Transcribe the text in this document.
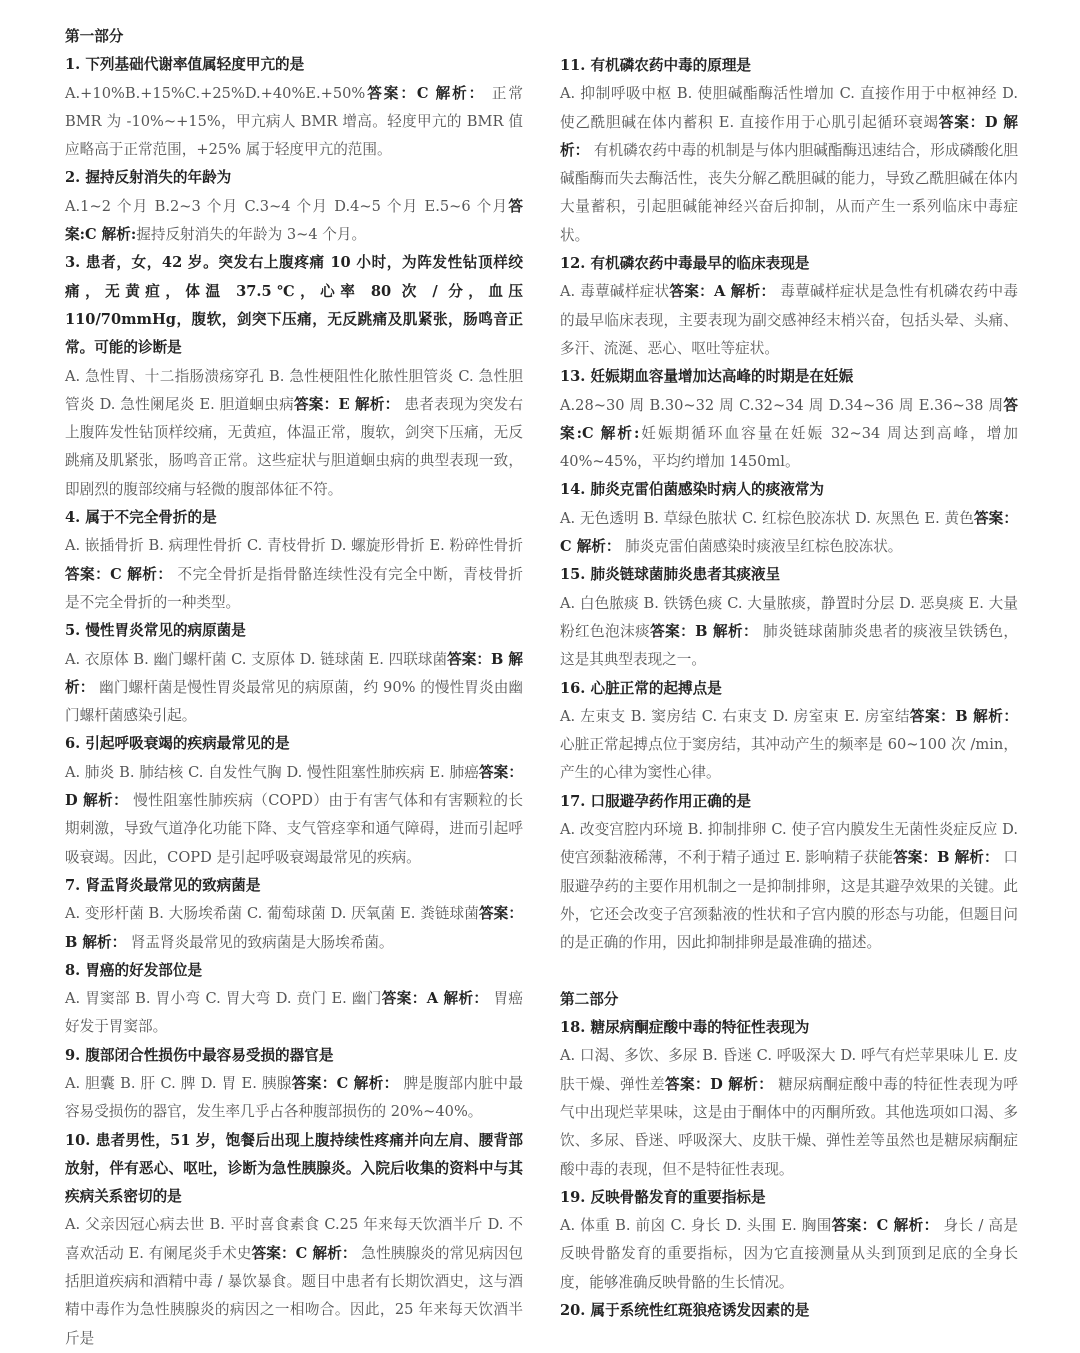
第一部分
1. 下列基础代谢率值属轻度甲亢的是
A.+10%B.+15%C.+25%D.+40%E.+50%答案：C 解析： 正常 BMR 为 -10%~+15%，甲亢病人 BMR 增高。轻度甲亢的 BMR 值应略高于正常范围，+25% 属于轻度甲亢的范围。
2. 握持反射消失的年龄为
A.1~2 个月 B.2~3 个月 C.3~4 个月 D.4~5 个月 E.5~6 个月答案:C 解析:握持反射消失的年龄为 3~4 个月。
3. 患者，女，42 岁。突发右上腹疼痛 10 小时，为阵发性钻顶样绞痛，无黄疸，体温 37.5℃，心率 80 次 / 分，血压 110/70mmHg，腹软，剑突下压痛，无反跳痛及肌紧张，肠鸣音正常。可能的诊断是
A. 急性胃、十二指肠溃疡穿孔 B. 急性梗阻性化脓性胆管炎 C. 急性胆管炎 D. 急性阑尾炎 E. 胆道蛔虫病答案：E 解析： 患者表现为突发右上腹阵发性钻顶样绞痛，无黄疸，体温正常，腹软，剑突下压痛，无反跳痛及肌紧张，肠鸣音正常。这些症状与胆道蛔虫病的典型表现一致，即剧烈的腹部绞痛与轻微的腹部体征不符。
4. 属于不完全骨折的是
A. 嵌插骨折 B. 病理性骨折 C. 青枝骨折 D. 螺旋形骨折 E. 粉碎性骨折答案：C 解析： 不完全骨折是指骨骼连续性没有完全中断，青枝骨折是不完全骨折的一种类型。
5. 慢性胃炎常见的病原菌是
A. 衣原体 B. 幽门螺杆菌 C. 支原体 D. 链球菌 E. 四联球菌答案：B 解析： 幽门螺杆菌是慢性胃炎最常见的病原菌，约 90% 的慢性胃炎由幽门螺杆菌感染引起。
6. 引起呼吸衰竭的疾病最常见的是
A. 肺炎 B. 肺结核 C. 自发性气胸 D. 慢性阻塞性肺疾病 E. 肺癌答案：D 解析： 慢性阻塞性肺疾病（COPD）由于有害气体和有害颗粒的长期刺激，导致气道净化功能下降、支气管痉挛和通气障碍，进而引起呼吸衰竭。因此，COPD 是引起呼吸衰竭最常见的疾病。
7. 肾盂肾炎最常见的致病菌是
A. 变形杆菌 B. 大肠埃希菌 C. 葡萄球菌 D. 厌氧菌 E. 粪链球菌答案：B 解析： 肾盂肾炎最常见的致病菌是大肠埃希菌。
8. 胃癌的好发部位是
A. 胃窦部 B. 胃小弯 C. 胃大弯 D. 贲门 E. 幽门答案：A 解析： 胃癌好发于胃窦部。
9. 腹部闭合性损伤中最容易受损的器官是
A. 胆囊 B. 肝 C. 脾 D. 胃 E. 胰腺答案：C 解析： 脾是腹部内脏中最容易受损伤的器官，发生率几乎占各种腹部损伤的 20%~40%。
10. 患者男性，51 岁，饱餐后出现上腹持续性疼痛并向左肩、腰背部放射，伴有恶心、呕吐，诊断为急性胰腺炎。入院后收集的资料中与其疾病关系密切的是
A. 父亲因冠心病去世 B. 平时喜食素食 C.25 年来每天饮酒半斤 D. 不喜欢活动 E. 有阑尾炎手术史答案：C 解析： 急性胰腺炎的常见病因包括胆道疾病和酒精中毒 / 暴饮暴食。题目中患者有长期饮酒史，这与酒精中毒作为急性胰腺炎的病因之一相吻合。因此，25 年来每天饮酒半斤是
11. 有机磷农药中毒的原理是
A. 抑制呼吸中枢 B. 使胆碱酯酶活性增加 C. 直接作用于中枢神经 D. 使乙酰胆碱在体内蓄积 E. 直接作用于心肌引起循环衰竭答案：D 解析： 有机磷农药中毒的机制是与体内胆碱酯酶迅速结合，形成磷酸化胆碱酯酶而失去酶活性，丧失分解乙酰胆碱的能力，导致乙酰胆碱在体内大量蓄积，引起胆碱能神经兴奋后抑制，从而产生一系列临床中毒症状。
12. 有机磷农药中毒最早的临床表现是
A. 毒蕈碱样症状答案：A 解析： 毒蕈碱样症状是急性有机磷农药中毒的最早临床表现，主要表现为副交感神经末梢兴奋，包括头晕、头痛、多汗、流涎、恶心、呕吐等症状。
13. 妊娠期血容量增加达高峰的时期是在妊娠
A.28~30 周 B.30~32 周 C.32~34 周 D.34~36 周 E.36~38 周答案:C 解析:妊娠期循环血容量在妊娠 32~34 周达到高峰，增加 40%~45%，平均约增加 1450ml。
14. 肺炎克雷伯菌感染时病人的痰液常为
A. 无色透明 B. 草绿色脓状 C. 红棕色胶冻状 D. 灰黑色 E. 黄色答案：C 解析： 肺炎克雷伯菌感染时痰液呈红棕色胶冻状。
15. 肺炎链球菌肺炎患者其痰液呈
A. 白色脓痰 B. 铁锈色痰 C. 大量脓痰，静置时分层 D. 恶臭痰 E. 大量粉红色泡沫痰答案：B 解析： 肺炎链球菌肺炎患者的痰液呈铁锈色，这是其典型表现之一。
16. 心脏正常的起搏点是
A. 左束支 B. 窦房结 C. 右束支 D. 房室束 E. 房室结答案：B 解析： 心脏正常起搏点位于窦房结，其冲动产生的频率是 60~100 次 /min，产生的心律为窦性心律。
17. 口服避孕药作用正确的是
A. 改变宫腔内环境 B. 抑制排卵 C. 使子宫内膜发生无菌性炎症反应 D. 使宫颈黏液稀薄，不利于精子通过 E. 影响精子获能答案：B 解析： 口服避孕药的主要作用机制之一是抑制排卵，这是其避孕效果的关键。此外，它还会改变子宫颈黏液的性状和子宫内膜的形态与功能，但题目问的是正确的作用，因此抑制排卵是最准确的描述。
第二部分
18. 糖尿病酮症酸中毒的特征性表现为
A. 口渴、多饮、多尿 B. 昏迷 C. 呼吸深大 D. 呼气有烂苹果味儿 E. 皮肤干燥、弹性差答案：D 解析： 糖尿病酮症酸中毒的特征性表现为呼气中出现烂苹果味，这是由于酮体中的丙酮所致。其他选项如口渴、多饮、多尿、昏迷、呼吸深大、皮肤干燥、弹性差等虽然也是糖尿病酮症酸中毒的表现，但不是特征性表现。
19. 反映骨骼发育的重要指标是
A. 体重 B. 前囟 C. 身长 D. 头围 E. 胸围答案：C 解析： 身长 / 高是反映骨骼发育的重要指标，因为它直接测量从头到顶到足底的全身长度，能够准确反映骨骼的生长情况。
20. 属于系统性红斑狼疮诱发因素的是
